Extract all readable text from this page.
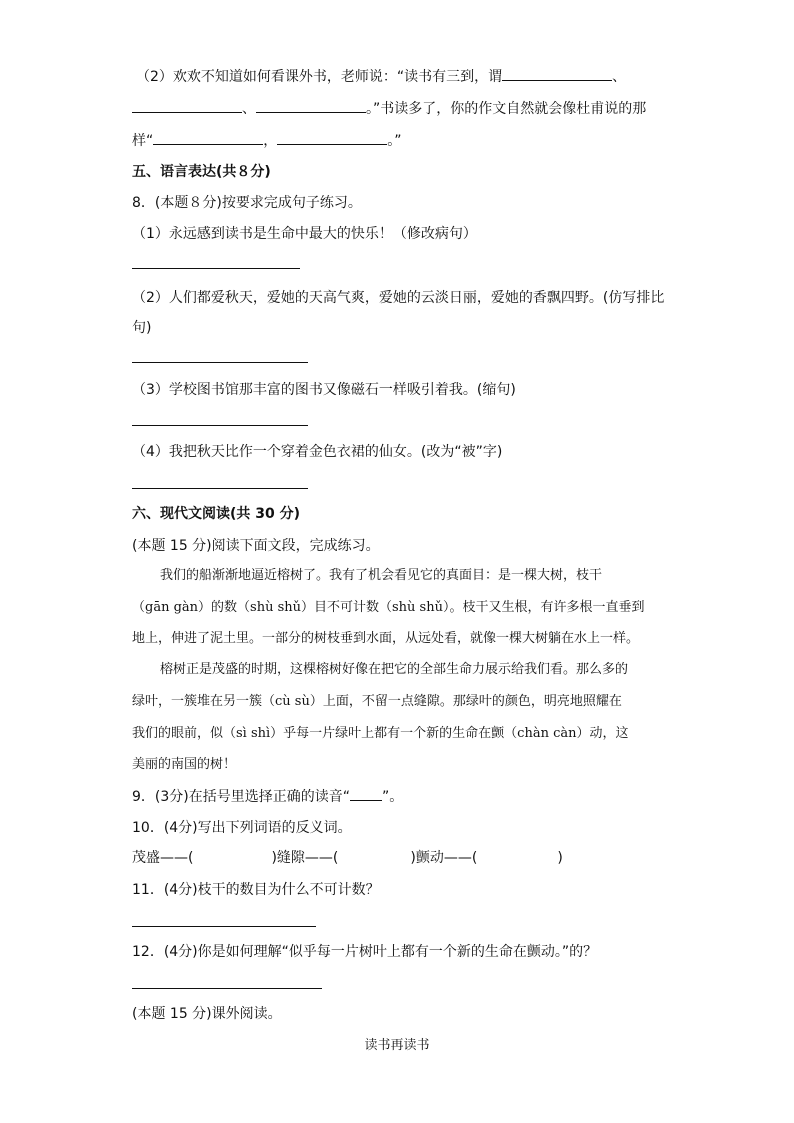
（2）欢欢不知道如何看课外书，老师说：“读书有三到，谓	、
、	。”书读多了，你的作文自然就会像杜甫说的那
样“	，	。”
五、语言表达(共８分)
8．(本题８分)按要求完成句子练习。
（1）永远感到读书是生命中最大的快乐！（修改病句）
（2）人们都爱秋天，爱她的天高气爽，爱她的云淡日丽，爱她的香飘四野。(仿写排比
句)
（3）学校图书馆那丰富的图书又像磁石一样吸引着我。(缩句)
（4）我把秋天比作一个穿着金色衣裙的仙女。(改为“被”字)
六、现代文阅读(共 30 分)
(本题 15 分)阅读下面文段，完成练习。
我们的船渐渐地逼近榕树了。我有了机会看见它的真面目：是一棵大树，枝干
（gān gàn）的数（shù shǔ）目不可计数（shù shǔ）。枝干又生根，有许多根一直垂到
地上，伸进了泥土里。一部分的树枝垂到水面，从远处看，就像一棵大树躺在水上一样。
榕树正是茂盛的时期，这棵榕树好像在把它的全部生命力展示给我们看。那么多的
绿叶，一簇堆在另一簇（cù sù）上面，不留一点缝隙。那绿叶的颜色，明亮地照耀在
我们的眼前，似（sì shì）乎每一片绿叶上都有一个新的生命在颤（chàn càn）动，这
美丽的南国的树！
9．(3分)在括号里选择正确的读音“ ”。
10．(4分)写出下列词语的反义词。
茂盛——(	)缝隙——(	)颤动——(	)
11．(4分)枝干的数目为什么不可计数？
12．(4分)你是如何理解“似乎每一片树叶上都有一个新的生命在颤动。”的？
(本题 15 分)课外阅读。
读书再读书
